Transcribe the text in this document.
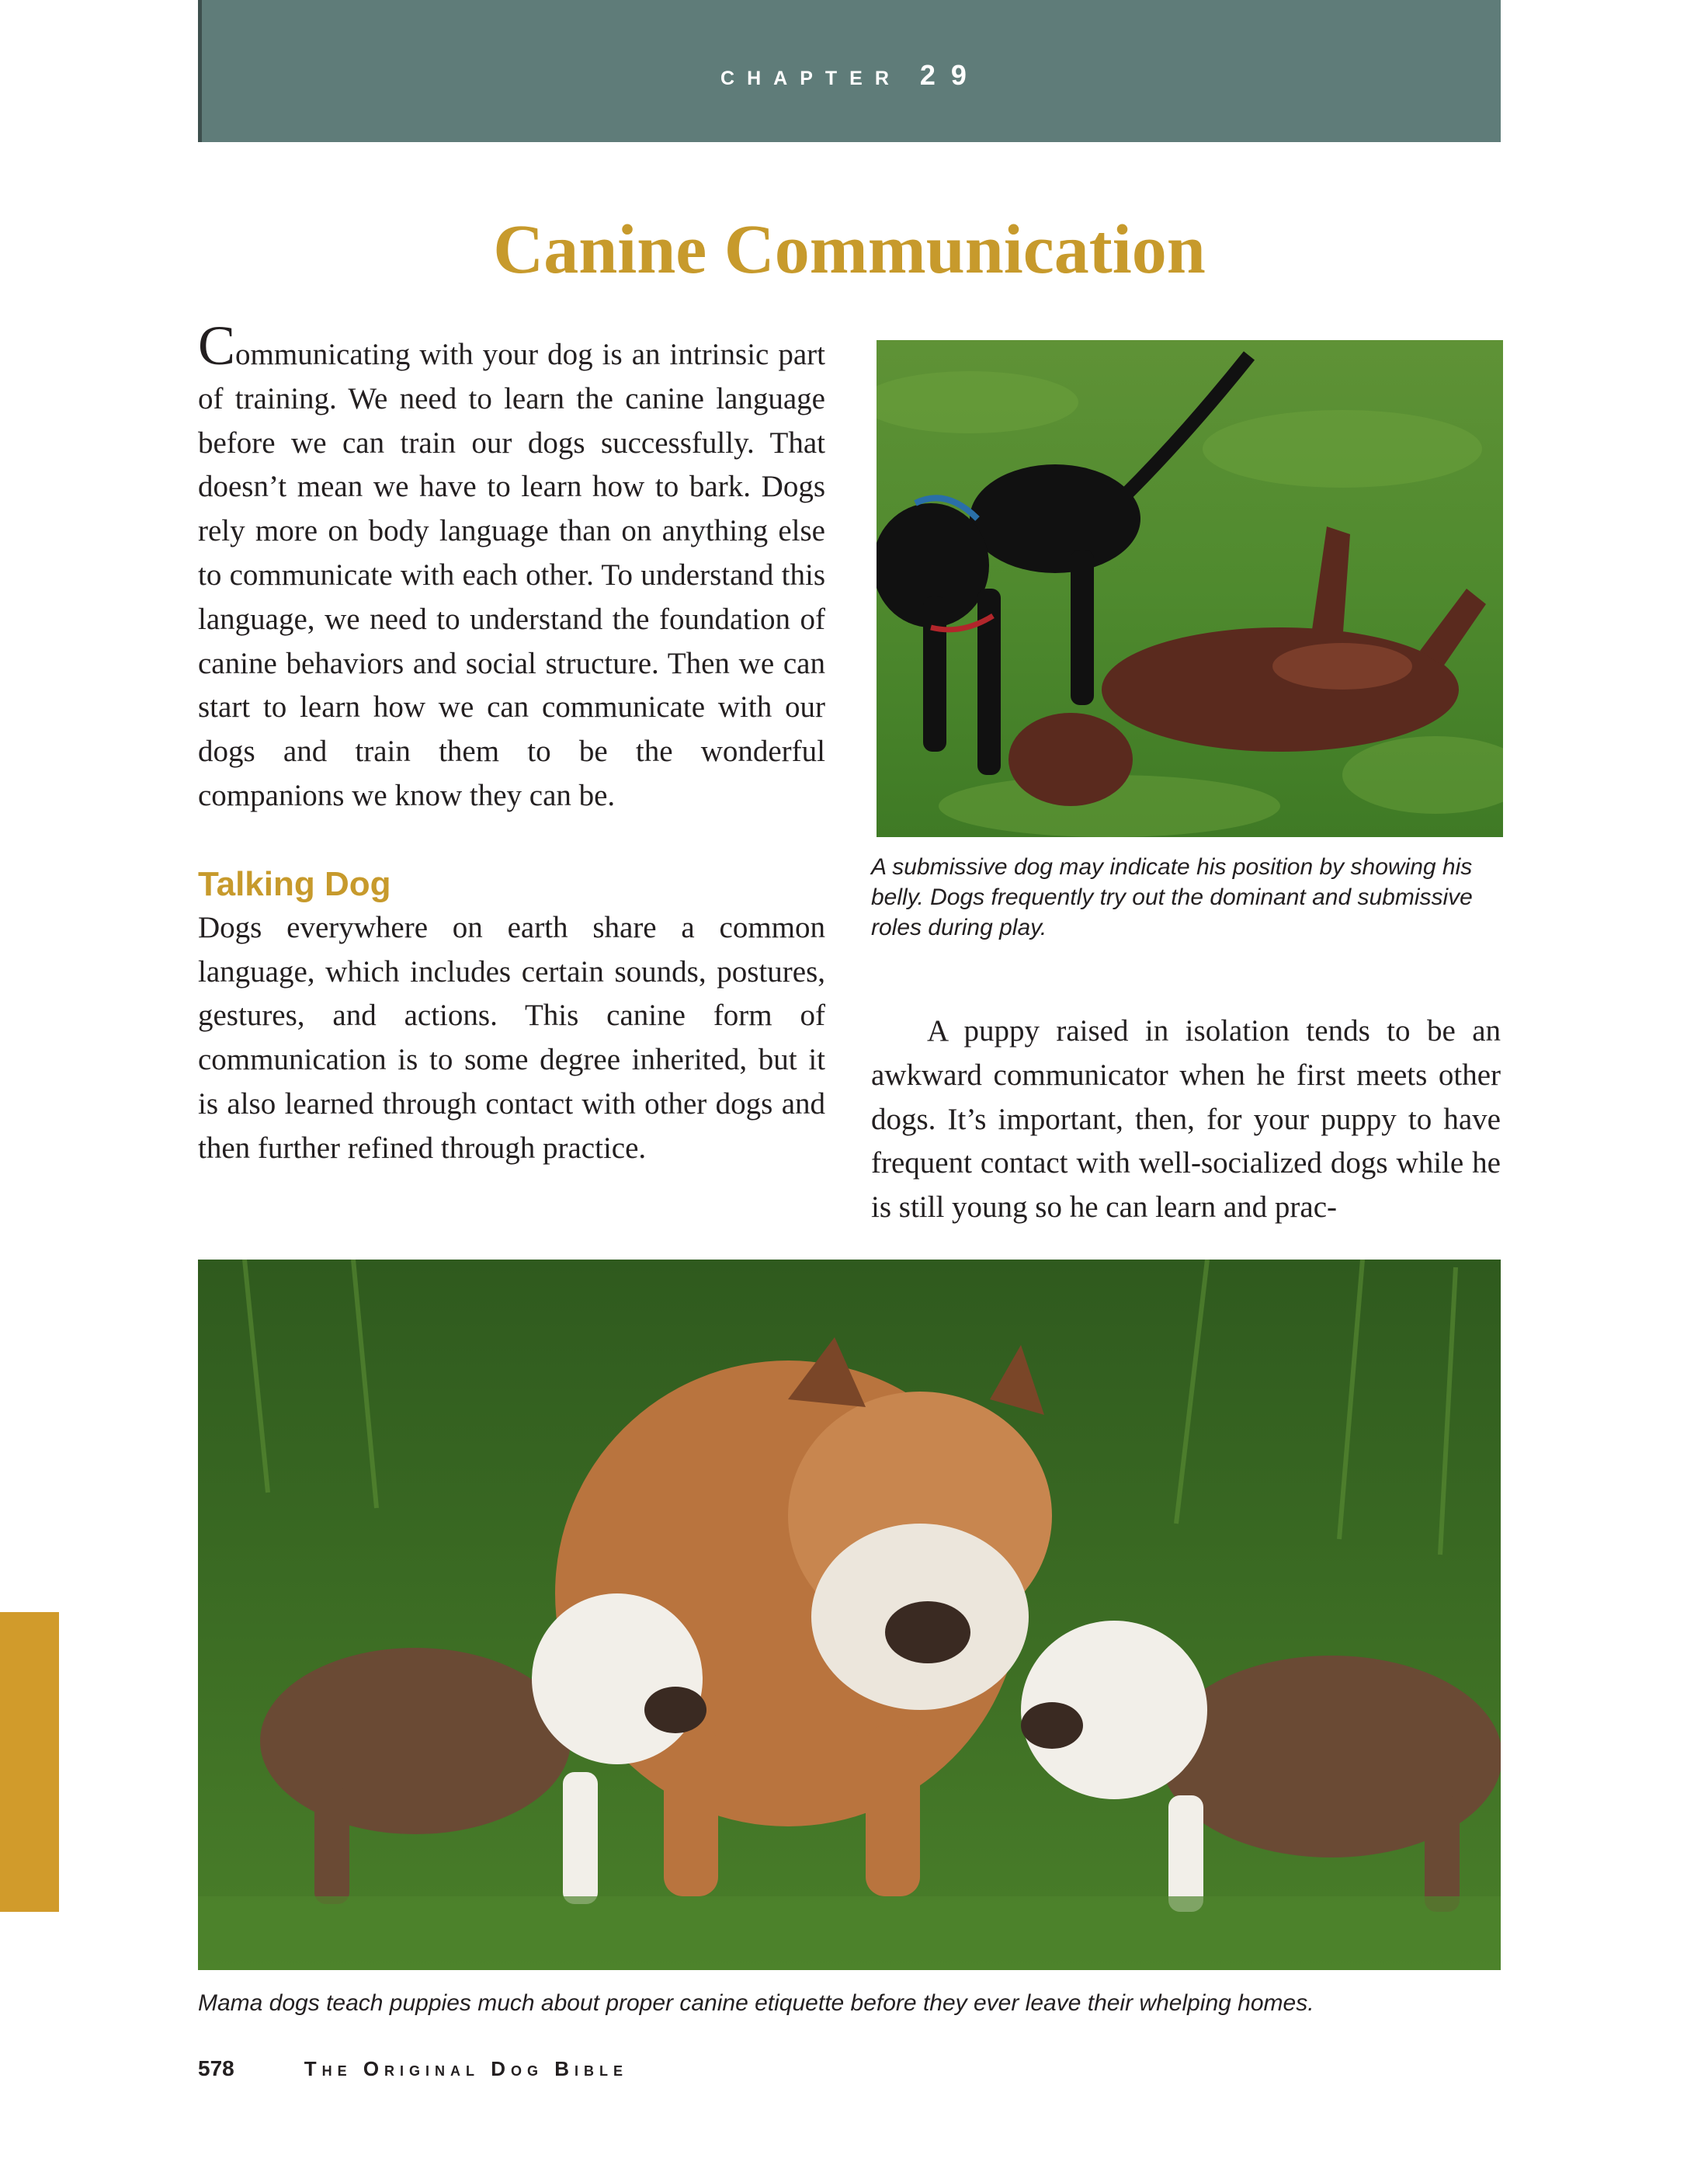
chapter 29
Canine Communication

Communicating with your dog is an intrinsic part of training. We need to learn the canine language before we can train our dogs successfully. That doesn’t mean we have to learn how to bark. Dogs rely more on body language than on anything else to communicate with each other. To understand this language, we need to understand the foundation of canine behaviors and social structure. Then we can start to learn how we can communicate with our dogs and train them to be the wonderful companions we know they can be.

Talking Dog

Dogs everywhere on earth share a common language, which includes certain sounds, postures, gestures, and actions. This canine form of communication is to some degree inherited, but it is also learned through contact with other dogs and then further refined through practice.

A submissive dog may indicate his position by showing his belly. Dogs frequently try out the dominant and submissive roles during play.

A puppy raised in isolation tends to be an awkward communicator when he first meets other dogs. It’s important, then, for your puppy to have frequent contact with well-socialized dogs while he is still young so he can learn and prac-

Mama dogs teach puppies much about proper canine etiquette before they ever leave their whelping homes.

578	The Original Dog Bible
